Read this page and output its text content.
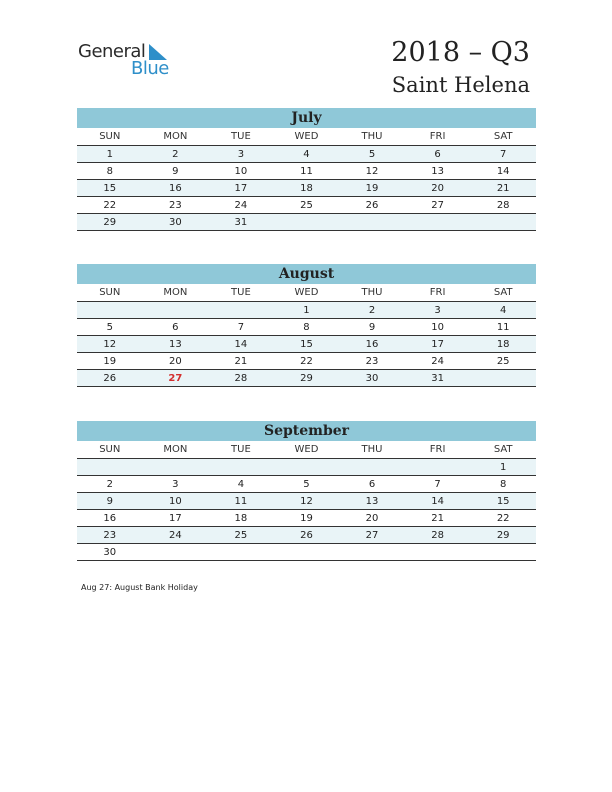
General
Blue
2018 – Q3
Saint Helena
July
SUN	MON	TUE	WED	THU	FRI	SAT
1	2	3	4	5	6	7
8	9	10	11	12	13	14
15	16	17	18	19	20	21
22	23	24	25	26	27	28
29	30	31				
August
SUN	MON	TUE	WED	THU	FRI	SAT
			1	2	3	4
5	6	7	8	9	10	11
12	13	14	15	16	17	18
19	20	21	22	23	24	25
26	27	28	29	30	31	
September
SUN	MON	TUE	WED	THU	FRI	SAT
						1
2	3	4	5	6	7	8
9	10	11	12	13	14	15
16	17	18	19	20	21	22
23	24	25	26	27	28	29
30						
Aug 27: August Bank Holiday
